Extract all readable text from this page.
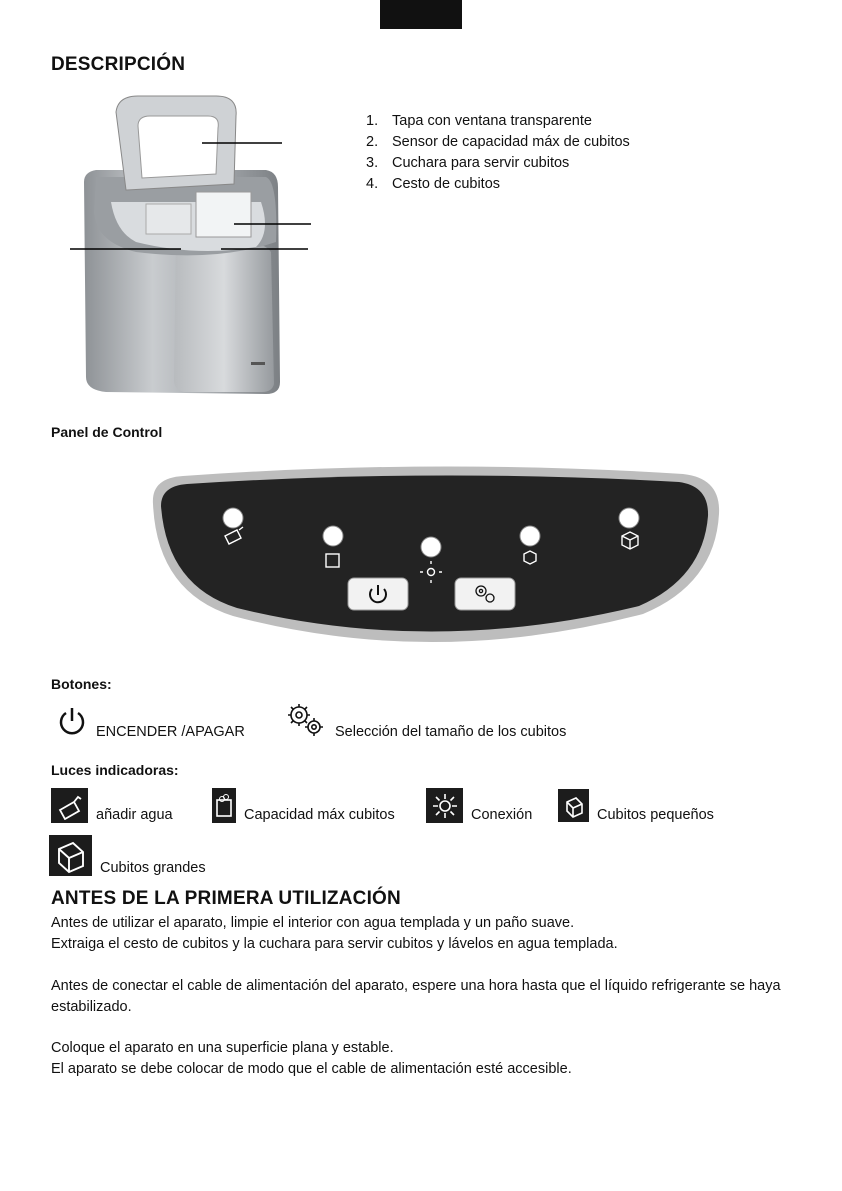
DESCRIPCIÓN
1. Tapa con ventana transparente
2. Sensor de capacidad máx de cubitos
3. Cuchara para servir cubitos
4. Cesto de cubitos
Panel de Control
Botones:
ENCENDER /APAGAR	Selección del tamaño de los cubitos
Luces indicadoras:
añadir agua	Capacidad máx cubitos	Conexión	Cubitos pequeños
Cubitos grandes
ANTES DE LA PRIMERA UTILIZACIÓN

Antes de utilizar el aparato, limpie el interior con agua templada y un paño suave.

Extraiga el cesto de cubitos y la cuchara para servir cubitos y lávelos en agua templada.

Antes de conectar el cable de alimentación del aparato, espere una hora hasta que el líquido refrigerante se haya estabilizado.

Coloque el aparato en una superficie plana y estable.

El aparato se debe colocar de modo que el cable de alimentación esté accesible.
